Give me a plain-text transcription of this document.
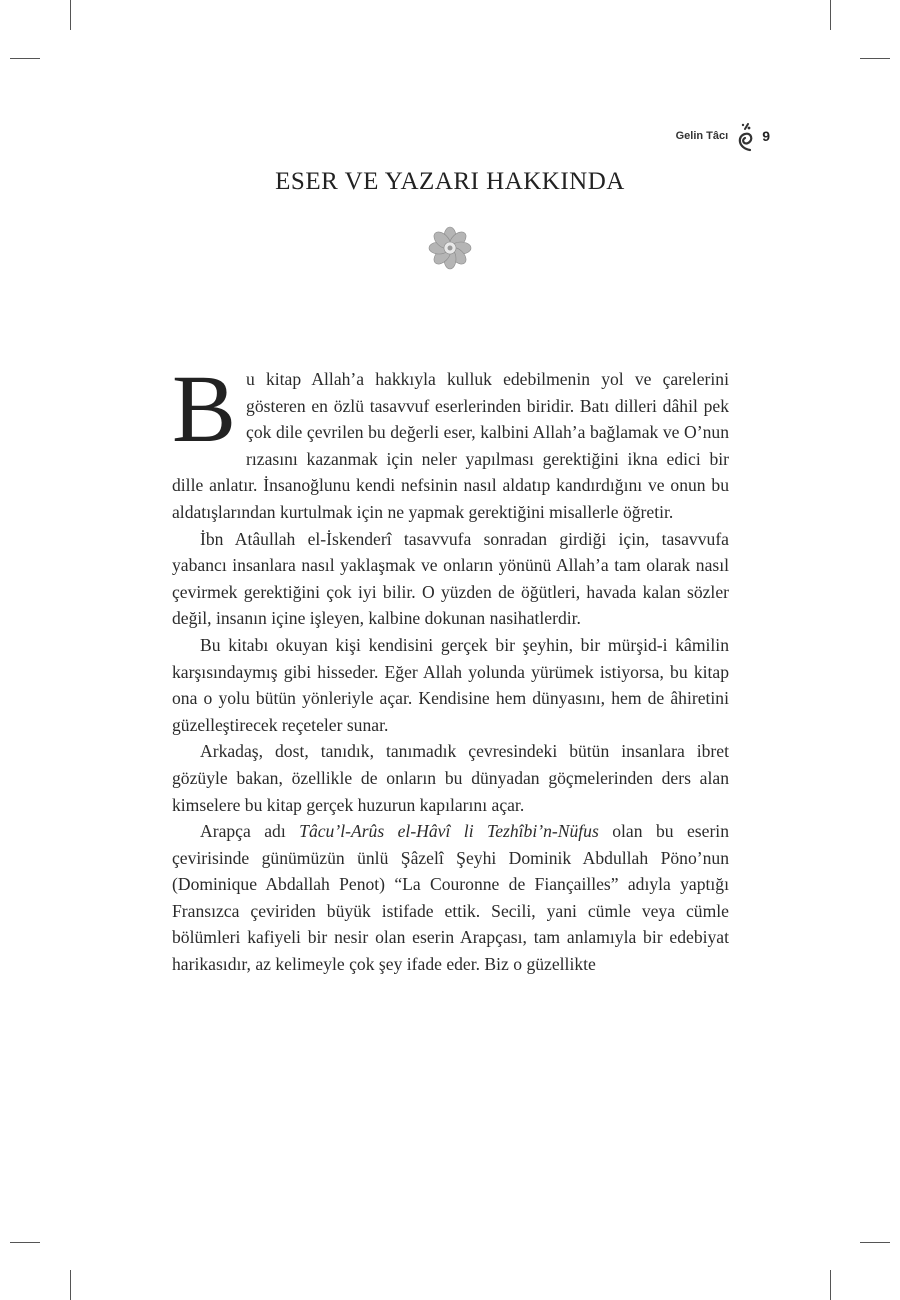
Gelin Tâcı 9
ESER VE YAZARI HAKKINDA

Bu kitap Allah’a hakkıyla kulluk edebilmenin yol ve çarelerini gösteren en özlü tasavvuf eserlerinden biridir. Batı dilleri dâhil pek çok dile çevrilen bu değerli eser, kalbini Allah’a bağlamak ve O’nun rızasını kazanmak için neler yapılması gerektiğini ikna edici bir dille anlatır. İnsanoğlunu kendi nefsinin nasıl aldatıp kandırdığını ve onun bu aldatışlarından kurtulmak için ne yapmak gerektiğini misallerle öğretir.

İbn Atâullah el-İskenderî tasavvufa sonradan girdiği için, tasavvufa yabancı insanlara nasıl yaklaşmak ve onların yönünü Allah’a tam olarak nasıl çevirmek gerektiğini çok iyi bilir. O yüzden de öğütleri, havada kalan sözler değil, insanın içine işleyen, kalbine dokunan nasihatlerdir.

Bu kitabı okuyan kişi kendisini gerçek bir şeyhin, bir mürşid-i kâmilin karşısındaymış gibi hisseder. Eğer Allah yolunda yürümek istiyorsa, bu kitap ona o yolu bütün yönleriyle açar. Kendisine hem dünyasını, hem de âhiretini güzelleştirecek reçeteler sunar.

Arkadaş, dost, tanıdık, tanımadık çevresindeki bütün insanlara ibret gözüyle bakan, özellikle de onların bu dünyadan göçmelerinden ders alan kimselere bu kitap gerçek huzurun kapılarını açar.

Arapça adı Tâcu’l-Arûs el-Hâvî li Tezhîbi’n-Nüfus olan bu eserin çevirisinde günümüzün ünlü Şâzelî Şeyhi Dominik Abdullah Pöno’nun (Dominique Abdallah Penot) “La Couronne de Fiançailles” adıyla yaptığı Fransızca çeviriden büyük istifade ettik. Secili, yani cümle veya cümle bölümleri kafiyeli bir nesir olan eserin Arapçası, tam anlamıyla bir edebiyat harikasıdır, az kelimeyle çok şey ifade eder. Biz o güzellikte
